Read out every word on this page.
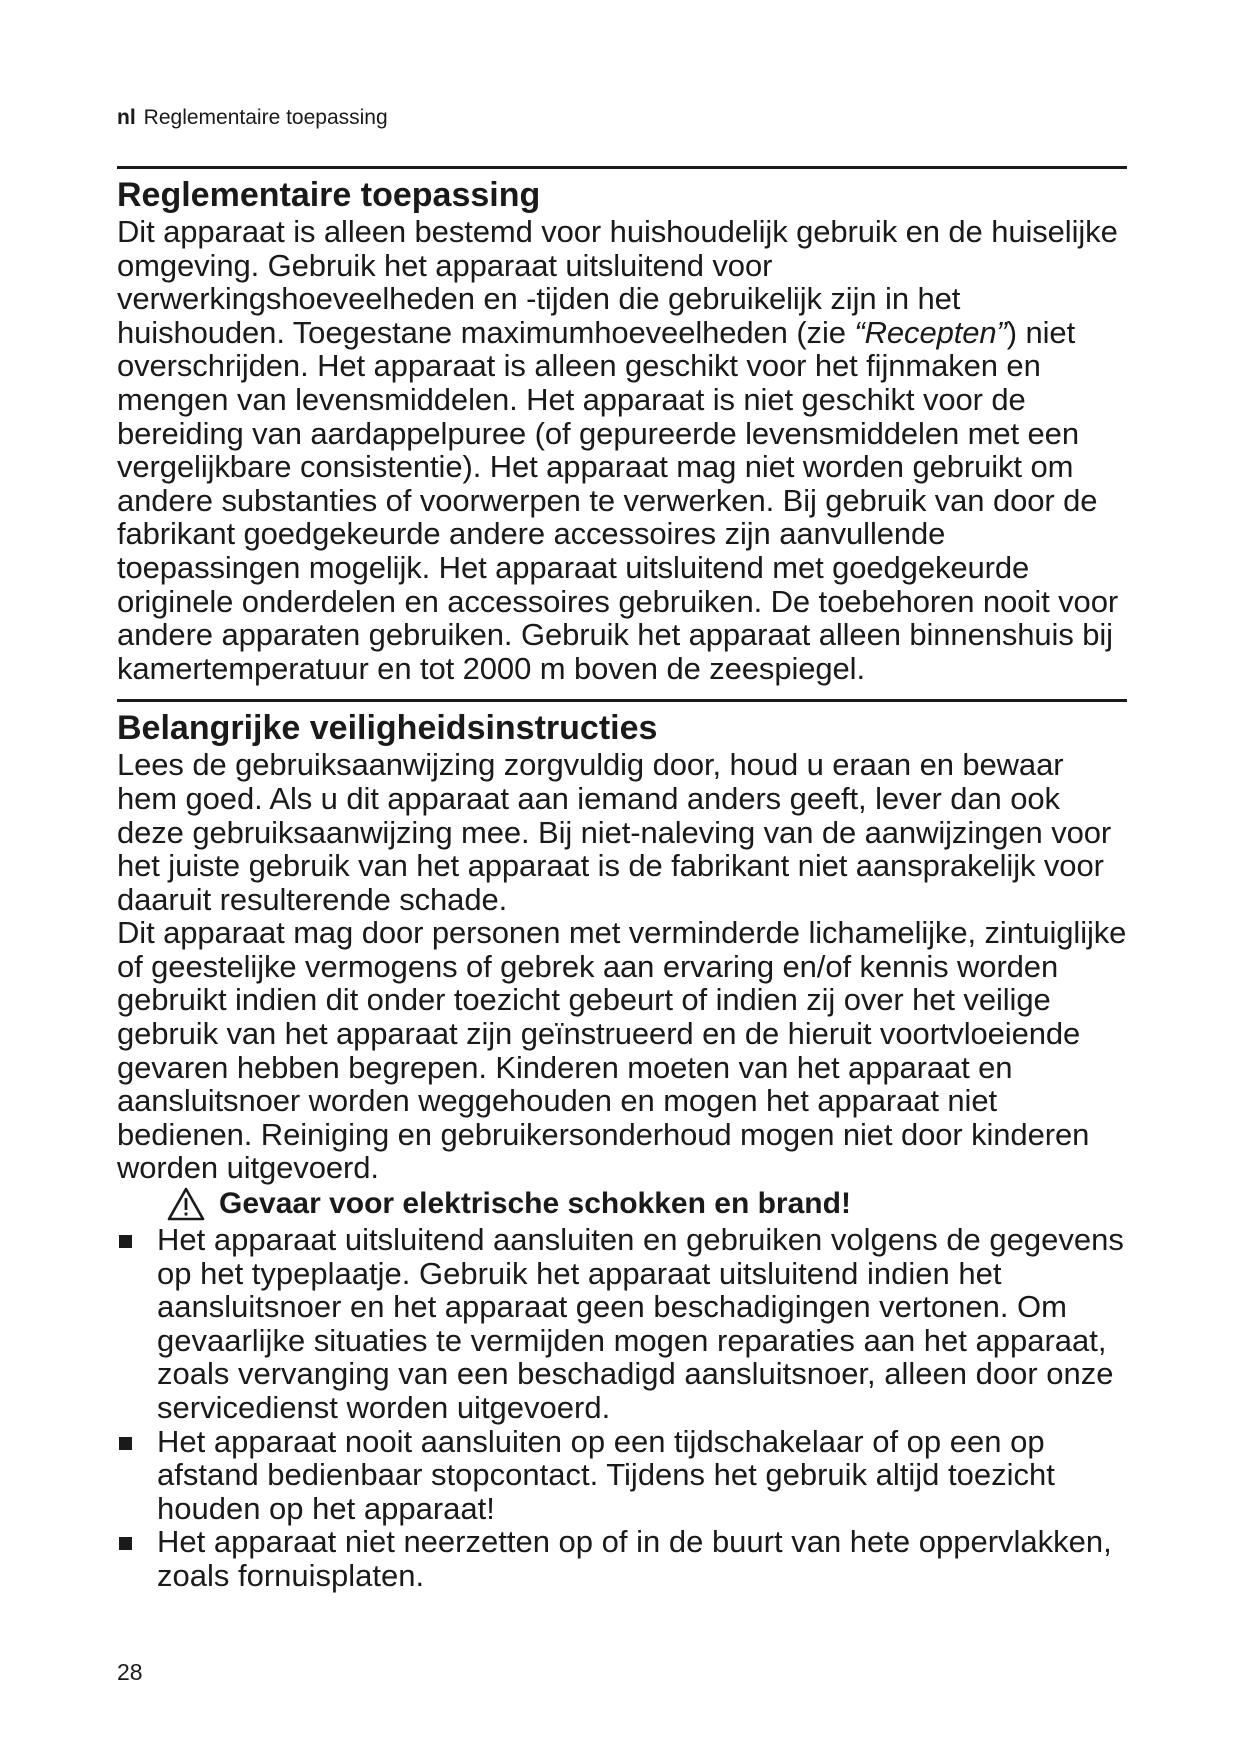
nl Reglementaire toepassing

Reglementaire toepassing

Dit apparaat is alleen bestemd voor huishoudelijk gebruik en de huiselijke omgeving. Gebruik het apparaat uitsluitend voor verwerkingshoeveelheden en -tijden die gebruikelijk zijn in het huishouden. Toegestane maximumhoeveelheden (zie “Recepten”) niet overschrijden. Het apparaat is alleen geschikt voor het fijnmaken en mengen van levensmiddelen. Het apparaat is niet geschikt voor de bereiding van aardappelpuree (of gepureerde levensmiddelen met een vergelijkbare consistentie). Het apparaat mag niet worden gebruikt om andere substanties of voorwerpen te verwerken. Bij gebruik van door de fabrikant goedgekeurde andere accessoires zijn aanvullende toepassingen mogelijk. Het apparaat uitsluitend met goedgekeurde originele onderdelen en accessoires gebruiken. De toebehoren nooit voor andere apparaten gebruiken. Gebruik het apparaat alleen binnenshuis bij kamertemperatuur en tot 2000 m boven de zeespiegel.

Belangrijke veiligheidsinstructies

Lees de gebruiksaanwijzing zorgvuldig door, houd u eraan en bewaar hem goed. Als u dit apparaat aan iemand anders geeft, lever dan ook deze gebruiksaanwijzing mee. Bij niet-naleving van de aanwijzingen voor het juiste gebruik van het apparaat is de fabrikant niet aansprakelijk voor daaruit resulterende schade.

Dit apparaat mag door personen met verminderde lichamelijke, zintuiglijke of geestelijke vermogens of gebrek aan ervaring en/of kennis worden gebruikt indien dit onder toezicht gebeurt of indien zij over het veilige gebruik van het apparaat zijn geïnstrueerd en de hieruit voortvloeiende gevaren hebben begrepen. Kinderen moeten van het apparaat en aansluitsnoer worden weggehouden en mogen het apparaat niet bedienen. Reiniging en gebruikersonderhoud mogen niet door kinderen worden uitgevoerd.

Gevaar voor elektrische schokken en brand!
Het apparaat uitsluitend aansluiten en gebruiken volgens de gegevens op het typeplaatje. Gebruik het apparaat uitsluitend indien het aansluitsnoer en het apparaat geen beschadigingen vertonen. Om gevaarlijke situaties te vermijden mogen reparaties aan het apparaat, zoals vervanging van een beschadigd aansluitsnoer, alleen door onze servicedienst worden uitgevoerd.
Het apparaat nooit aansluiten op een tijdschakelaar of op een op afstand bedienbaar stopcontact. Tijdens het gebruik altijd toezicht houden op het apparaat!
Het apparaat niet neerzetten op of in de buurt van hete oppervlakken, zoals fornuisplaten.
28
